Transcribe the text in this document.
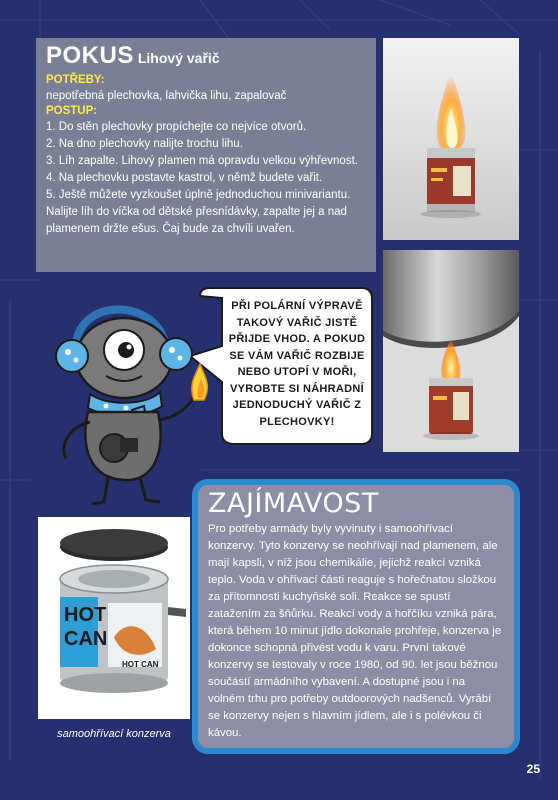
POKUS Lihový vařič
POTŘEBY:
nepotřebná plechovka, lahvička lihu, zapalovač
POSTUP:
1. Do stěn plechovky propíchejte co nejvíce otvorů.
2. Na dno plechovky nalijte trochu lihu.
3. Líh zapalte. Lihový plamen má opravdu velkou výhřevnost.
4. Na plechovku postavte kastrol, v němž budete vařit.
5. Ještě můžete vyzkoušet úplně jednoduchou minivariantu. Nalijte líh do víčka od dětské přesnídávky, zapalte jej a nad plamenem držte ešus. Čaj bude za chvíli uvařen.
PŘI POLÁRNÍ VÝPRAVĚ TAKOVÝ VAŘIČ JISTĚ PŘIJDE VHOD. A POKUD SE VÁM VAŘIČ ROZBIJE NEBO UTOPÍ V MOŘI, VYROBTE SI NÁHRADNÍ JEDNODUCHÝ VAŘIČ Z PLECHOVKY!
HOT
CAN
HOT CAN
samoohřívací konzerva
ZAJÍMAVOST
Pro potřeby armády byly vyvinuty i samoohřívací konzervy. Tyto konzervy se neohřívají nad plamenem, ale mají kapsli, v níž jsou chemikálie, jejichž reakcí vzniká teplo. Voda v ohřívací části reaguje s hořečnatou složkou za přítomnosti kuchyňské soli. Reakce se spustí zatažením za šňůrku. Reakcí vody a hořčíku vzniká pára, která během 10 minut jídlo dokonale prohřeje, konzerva je dokonce schopná přivést vodu k varu. První takové konzervy se testovaly v roce 1980, od 90. let jsou běžnou součástí armádního vybavení. A dostupné jsou i na volném trhu pro potřeby outdoorových nadšenců. Vyrábí se konzervy nejen s hlavním jídlem, ale i s polévkou či kávou.
25
